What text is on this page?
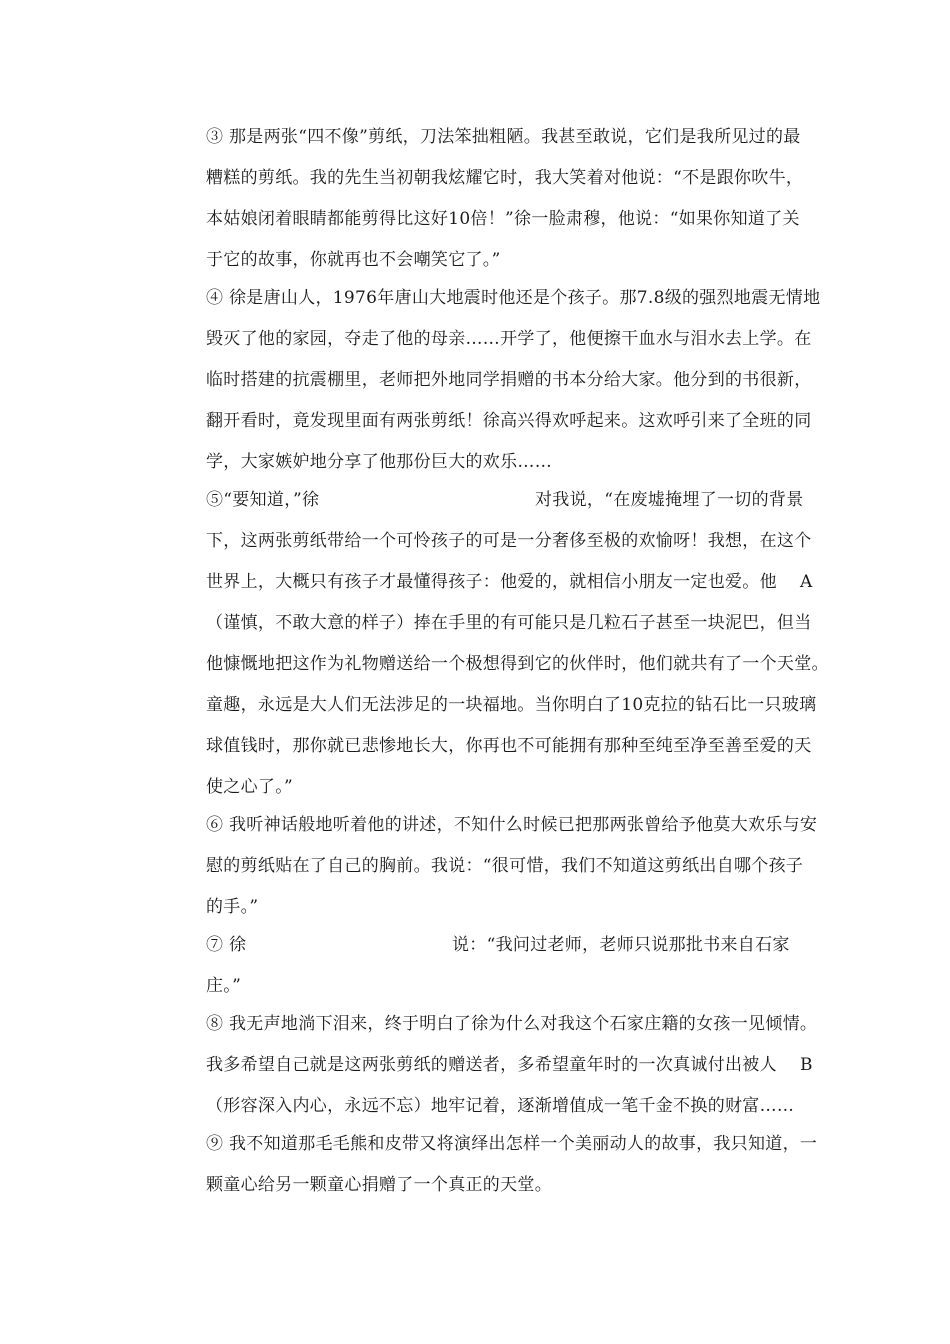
③ 那是两张“四不像”剪纸，刀法笨拙粗陋。我甚至敢说，它们是我所见过的最
糟糕的剪纸。我的先生当初朝我炫耀它时，我大笑着对他说：“不是跟你吹牛，
本姑娘闭着眼睛都能剪得比这好10倍！”徐一脸肃穆，他说：“如果你知道了关
于它的故事，你就再也不会嘲笑它了。”
④ 徐是唐山人，1976年唐山大地震时他还是个孩子。那7.8级的强烈地震无情地
毁灭了他的家园，夺走了他的母亲……开学了，他便擦干血水与泪水去上学。在
临时搭建的抗震棚里，老师把外地同学捐赠的书本分给大家。他分到的书很新，
翻开看时，竟发现里面有两张剪纸！徐高兴得欢呼起来。这欢呼引来了全班的同
学，大家嫉妒地分享了他那份巨大的欢乐……
⑤“要知道，”徐	对我说，“在废墟掩埋了一切的背景
下，这两张剪纸带给一个可怜孩子的可是一分奢侈至极的欢愉呀！我想，在这个
世界上，大概只有孩子才最懂得孩子：他爱的，就相信小朋友一定也爱。他 A
（谨慎，不敢大意的样子）捧在手里的有可能只是几粒石子甚至一块泥巴，但当
他慷慨地把这作为礼物赠送给一个极想得到它的伙伴时，他们就共有了一个天堂。
童趣，永远是大人们无法涉足的一块福地。当你明白了10克拉的钻石比一只玻璃
球值钱时，那你就已悲惨地长大，你再也不可能拥有那种至纯至净至善至爱的天
使之心了。”
⑥ 我听神话般地听着他的讲述，不知什么时候已把那两张曾给予他莫大欢乐与安
慰的剪纸贴在了自己的胸前。我说：“很可惜，我们不知道这剪纸出自哪个孩子
的手。”
⑦ 徐	说：“我问过老师，老师只说那批书来自石家
庄。”
⑧ 我无声地淌下泪来，终于明白了徐为什么对我这个石家庄籍的女孩一见倾情。
我多希望自己就是这两张剪纸的赠送者，多希望童年时的一次真诚付出被人 B
（形容深入内心，永远不忘）地牢记着，逐渐增值成一笔千金不换的财富……
⑨ 我不知道那毛毛熊和皮带又将演绎出怎样一个美丽动人的故事，我只知道，一
颗童心给另一颗童心捐赠了一个真正的天堂。
